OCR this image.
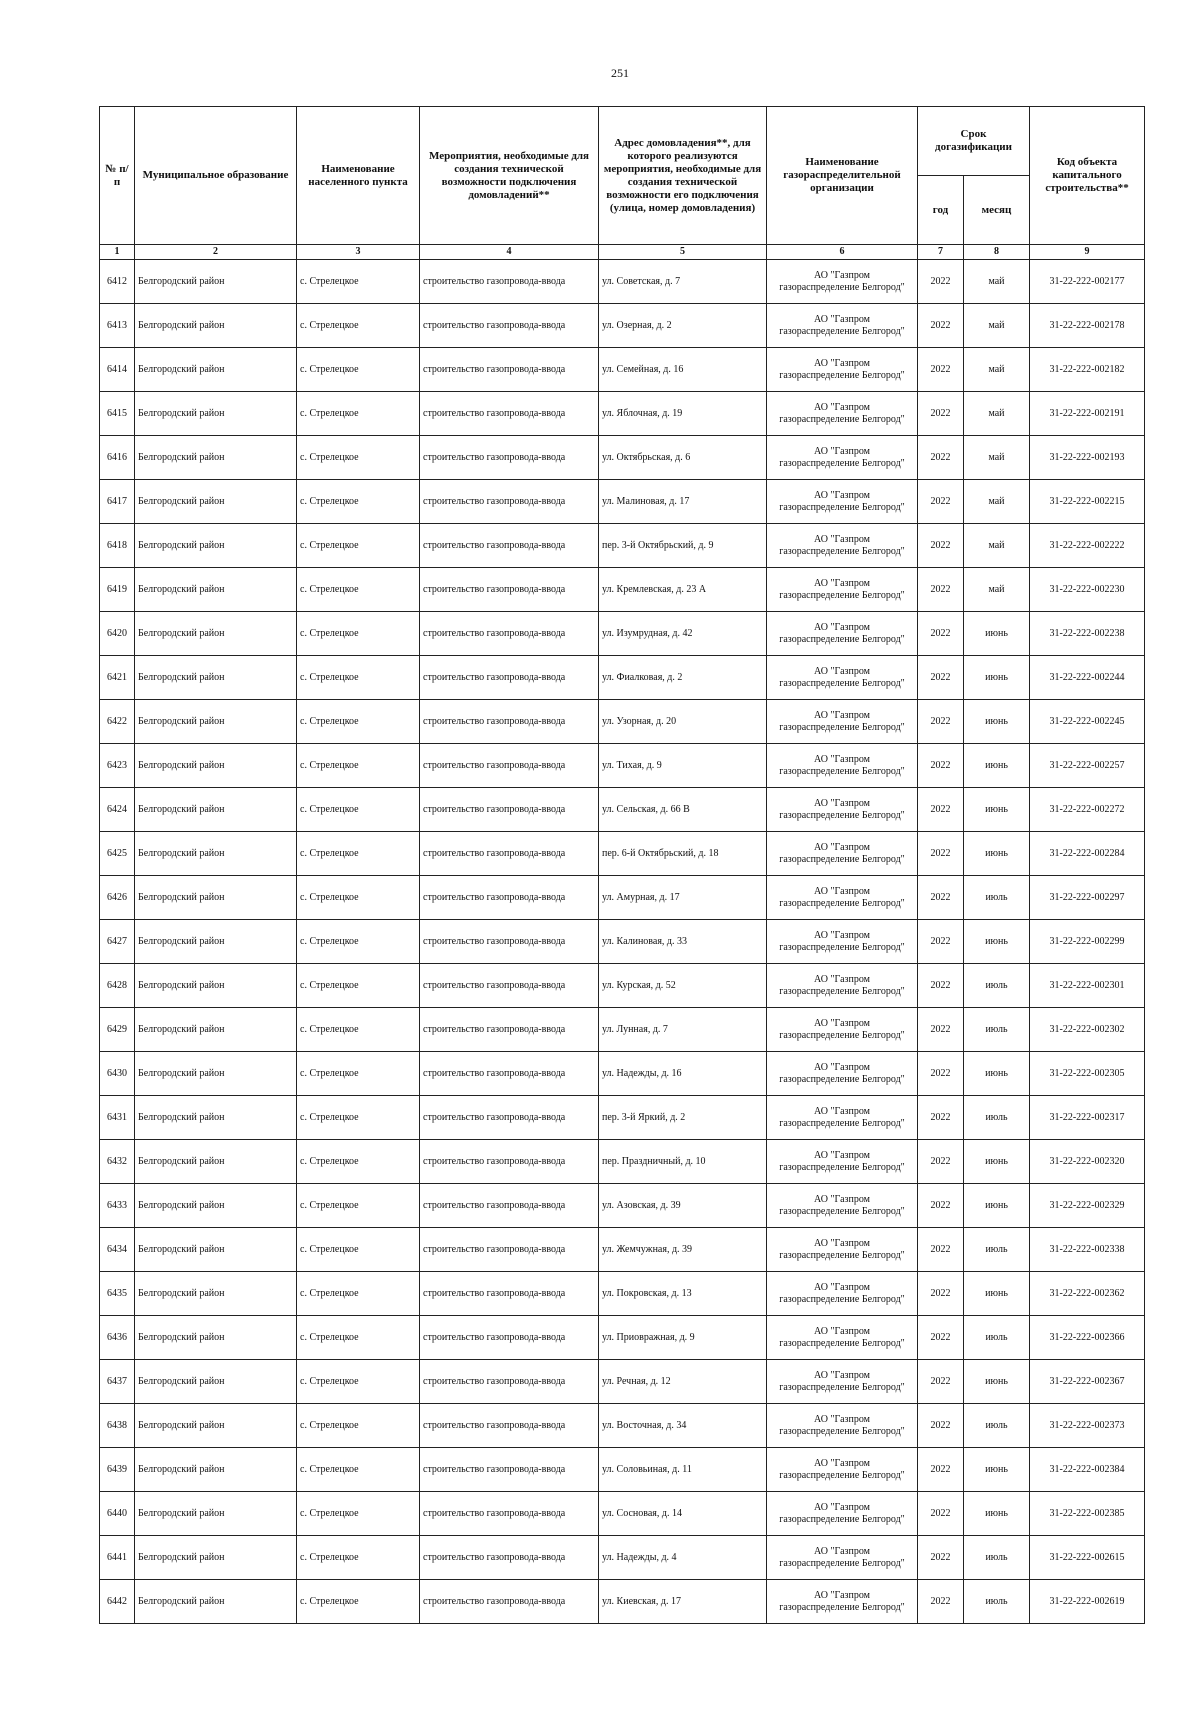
251
№ п/п	Муниципальное образование	Наименование населенного пункта	Мероприятия, необходимые для создания технической возможности подключения домовладений**	Адрес домовладения**, для которого реализуются мероприятия, необходимые для создания технической возможности его подключения (улица, номер домовладения)	Наименование газораспределительной организации	Срок догазификации		Код объекта капитального строительства**
						год	месяц	
1	2	3	4	5	6	7	8	9
6412	Белгородский район	с. Стрелецкое	строительство газопровода-ввода	ул. Советская, д. 7	АО "Газпром
газораспределение Белгород"	2022	май	31-22-222-002177
6413	Белгородский район	с. Стрелецкое	строительство газопровода-ввода	ул. Озерная, д. 2	АО "Газпром
газораспределение Белгород"	2022	май	31-22-222-002178
6414	Белгородский район	с. Стрелецкое	строительство газопровода-ввода	ул. Семейная, д. 16	АО "Газпром
газораспределение Белгород"	2022	май	31-22-222-002182
6415	Белгородский район	с. Стрелецкое	строительство газопровода-ввода	ул. Яблочная, д. 19	АО "Газпром
газораспределение Белгород"	2022	май	31-22-222-002191
6416	Белгородский район	с. Стрелецкое	строительство газопровода-ввода	ул. Октябрьская, д. 6	АО "Газпром
газораспределение Белгород"	2022	май	31-22-222-002193
6417	Белгородский район	с. Стрелецкое	строительство газопровода-ввода	ул. Малиновая, д. 17	АО "Газпром
газораспределение Белгород"	2022	май	31-22-222-002215
6418	Белгородский район	с. Стрелецкое	строительство газопровода-ввода	пер. 3-й Октябрьский, д. 9	АО "Газпром
газораспределение Белгород"	2022	май	31-22-222-002222
6419	Белгородский район	с. Стрелецкое	строительство газопровода-ввода	ул. Кремлевская, д. 23 А	АО "Газпром
газораспределение Белгород"	2022	май	31-22-222-002230
6420	Белгородский район	с. Стрелецкое	строительство газопровода-ввода	ул. Изумрудная, д. 42	АО "Газпром
газораспределение Белгород"	2022	июнь	31-22-222-002238
6421	Белгородский район	с. Стрелецкое	строительство газопровода-ввода	ул. Фиалковая, д. 2	АО "Газпром
газораспределение Белгород"	2022	июнь	31-22-222-002244
6422	Белгородский район	с. Стрелецкое	строительство газопровода-ввода	ул. Узорная, д. 20	АО "Газпром
газораспределение Белгород"	2022	июнь	31-22-222-002245
6423	Белгородский район	с. Стрелецкое	строительство газопровода-ввода	ул. Тихая, д. 9	АО "Газпром
газораспределение Белгород"	2022	июнь	31-22-222-002257
6424	Белгородский район	с. Стрелецкое	строительство газопровода-ввода	ул. Сельская, д. 66 В	АО "Газпром
газораспределение Белгород"	2022	июнь	31-22-222-002272
6425	Белгородский район	с. Стрелецкое	строительство газопровода-ввода	пер. 6-й Октябрьский, д. 18	АО "Газпром
газораспределение Белгород"	2022	июнь	31-22-222-002284
6426	Белгородский район	с. Стрелецкое	строительство газопровода-ввода	ул. Амурная, д. 17	АО "Газпром
газораспределение Белгород"	2022	июль	31-22-222-002297
6427	Белгородский район	с. Стрелецкое	строительство газопровода-ввода	ул. Калиновая, д. 33	АО "Газпром
газораспределение Белгород"	2022	июнь	31-22-222-002299
6428	Белгородский район	с. Стрелецкое	строительство газопровода-ввода	ул. Курская, д. 52	АО "Газпром
газораспределение Белгород"	2022	июль	31-22-222-002301
6429	Белгородский район	с. Стрелецкое	строительство газопровода-ввода	ул. Лунная, д. 7	АО "Газпром
газораспределение Белгород"	2022	июль	31-22-222-002302
6430	Белгородский район	с. Стрелецкое	строительство газопровода-ввода	ул. Надежды, д. 16	АО "Газпром
газораспределение Белгород"	2022	июнь	31-22-222-002305
6431	Белгородский район	с. Стрелецкое	строительство газопровода-ввода	пер. 3-й Яркий, д. 2	АО "Газпром
газораспределение Белгород"	2022	июль	31-22-222-002317
6432	Белгородский район	с. Стрелецкое	строительство газопровода-ввода	пер. Праздничный, д. 10	АО "Газпром
газораспределение Белгород"	2022	июнь	31-22-222-002320
6433	Белгородский район	с. Стрелецкое	строительство газопровода-ввода	ул. Азовская, д. 39	АО "Газпром
газораспределение Белгород"	2022	июнь	31-22-222-002329
6434	Белгородский район	с. Стрелецкое	строительство газопровода-ввода	ул. Жемчужная, д. 39	АО "Газпром
газораспределение Белгород"	2022	июль	31-22-222-002338
6435	Белгородский район	с. Стрелецкое	строительство газопровода-ввода	ул. Покровская, д. 13	АО "Газпром
газораспределение Белгород"	2022	июнь	31-22-222-002362
6436	Белгородский район	с. Стрелецкое	строительство газопровода-ввода	ул. Приовражная, д. 9	АО "Газпром
газораспределение Белгород"	2022	июль	31-22-222-002366
6437	Белгородский район	с. Стрелецкое	строительство газопровода-ввода	ул. Речная, д. 12	АО "Газпром
газораспределение Белгород"	2022	июнь	31-22-222-002367
6438	Белгородский район	с. Стрелецкое	строительство газопровода-ввода	ул. Восточная, д. 34	АО "Газпром
газораспределение Белгород"	2022	июль	31-22-222-002373
6439	Белгородский район	с. Стрелецкое	строительство газопровода-ввода	ул. Соловьиная, д. 11	АО "Газпром
газораспределение Белгород"	2022	июнь	31-22-222-002384
6440	Белгородский район	с. Стрелецкое	строительство газопровода-ввода	ул. Сосновая, д. 14	АО "Газпром
газораспределение Белгород"	2022	июнь	31-22-222-002385
6441	Белгородский район	с. Стрелецкое	строительство газопровода-ввода	ул. Надежды, д. 4	АО "Газпром
газораспределение Белгород"	2022	июль	31-22-222-002615
6442	Белгородский район	с. Стрелецкое	строительство газопровода-ввода	ул. Киевская, д. 17	АО "Газпром
газораспределение Белгород"	2022	июль	31-22-222-002619
